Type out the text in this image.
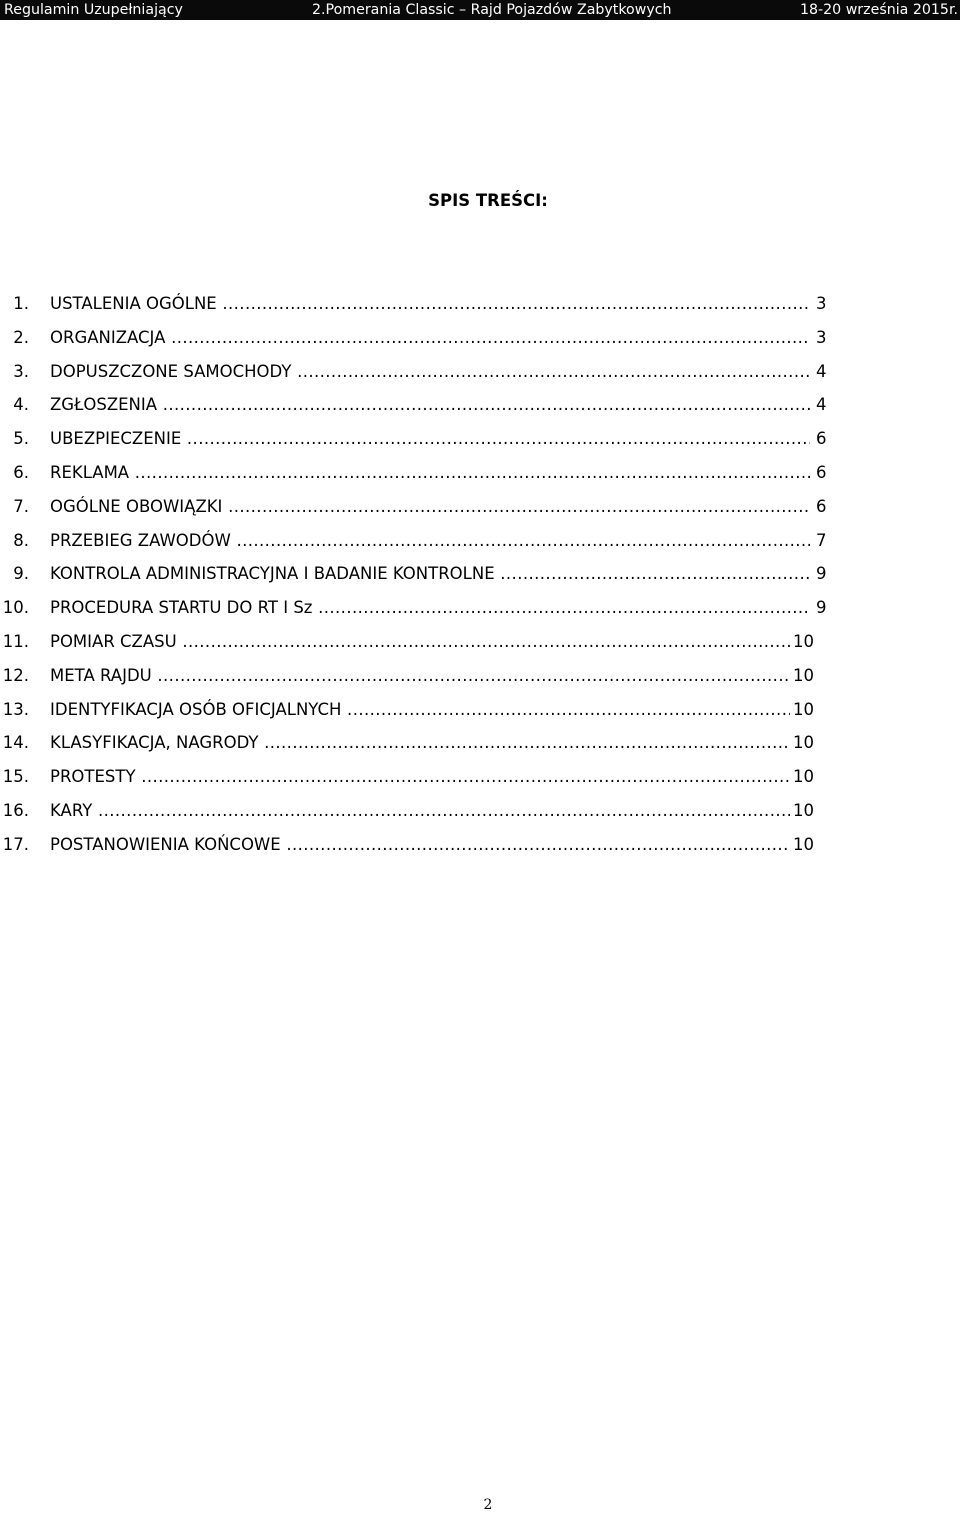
Regulamin Uzupełniający	2.Pomerania Classic – Rajd Pojazdów Zabytkowych	18-20 września 2015r.
SPIS TREŚCI:
1. USTALENIA OGÓLNE .....	3
2. ORGANIZACJA .....	3
3. DOPUSZCZONE SAMOCHODY .....	4
4. ZGŁOSZENIA .....	4
5. UBEZPIECZENIE .....	6
6. REKLAMA .....	6
7. OGÓLNE OBOWIĄZKI .....	6
8. PRZEBIEG ZAWODÓW .....	7
9. KONTROLA ADMINISTRACYJNA I BADANIE KONTROLNE .....	9
10. PROCEDURA STARTU DO RT I Sz .....	9
11. POMIAR CZASU .....	10
12. META RAJDU .....	10
13. IDENTYFIKACJA OSÓB OFICJALNYCH .....	10
14. KLASYFIKACJA, NAGRODY .....	10
15. PROTESTY .....	10
16. KARY .....	10
17. POSTANOWIENIA KOŃCOWE .....	10
2
